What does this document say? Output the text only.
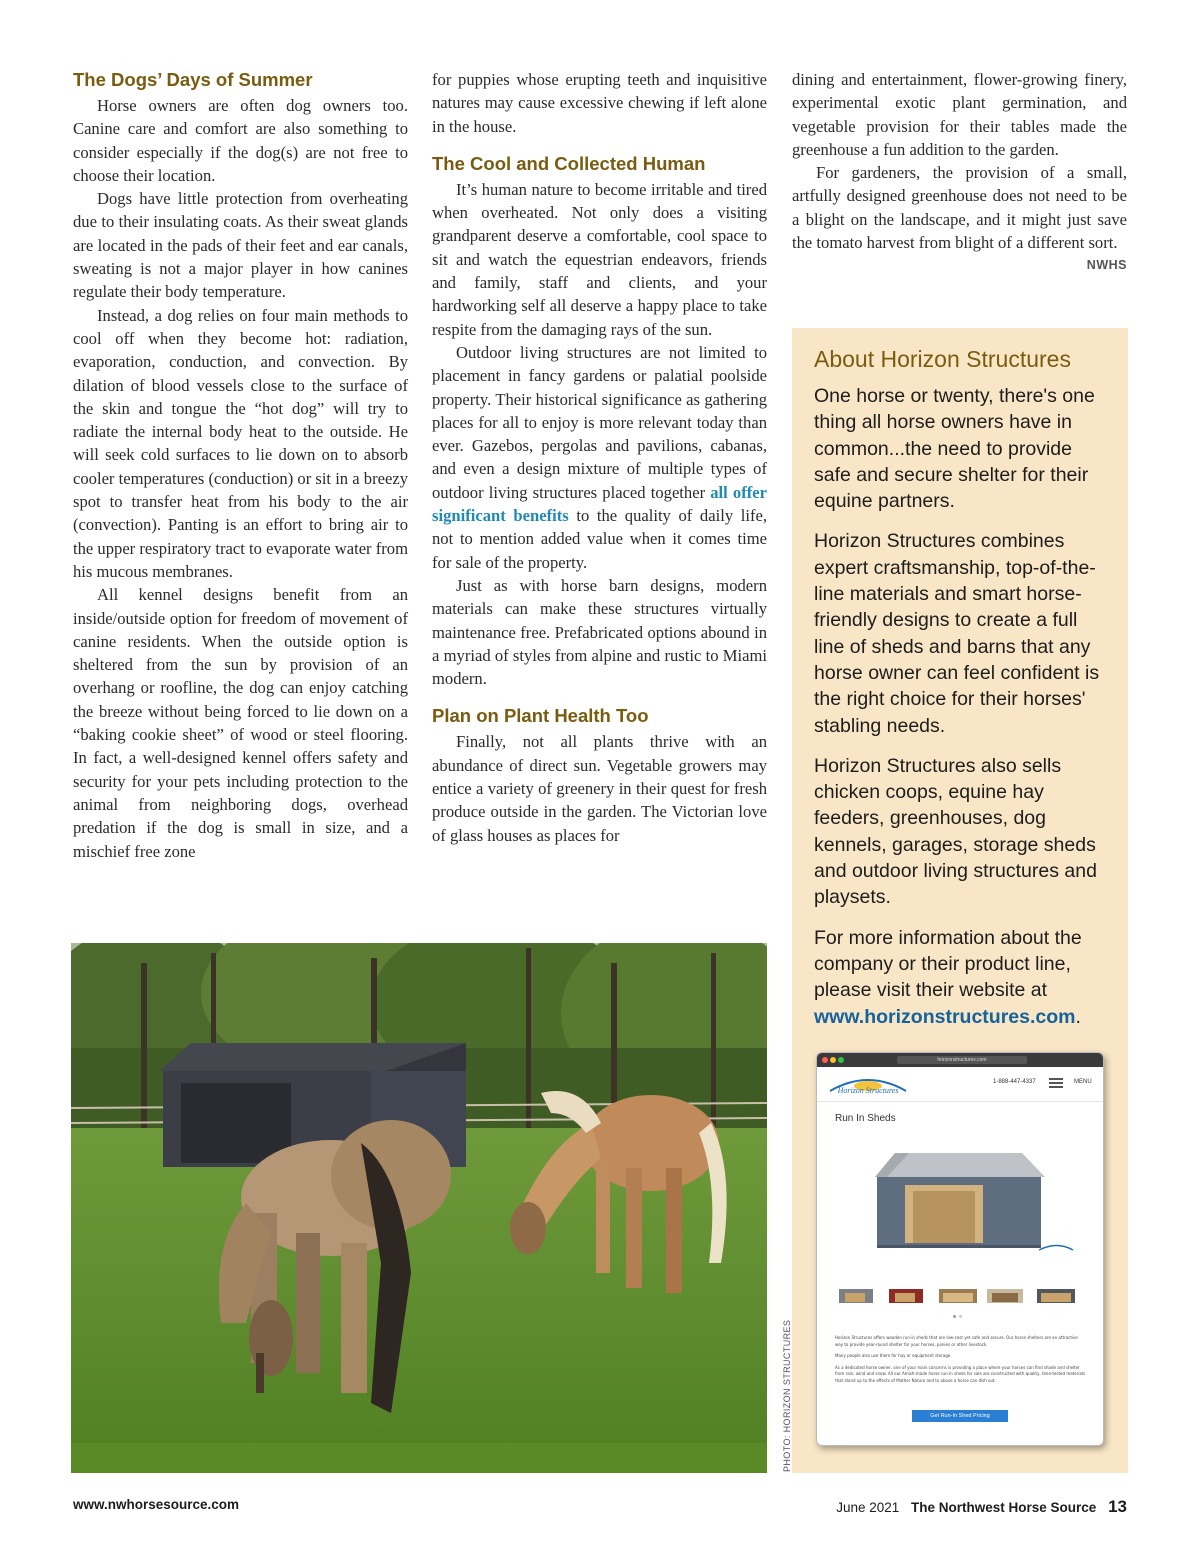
The Dogs’ Days of Summer

Horse owners are often dog owners too. Canine care and comfort are also something to consider especially if the dog(s) are not free to choose their location.

Dogs have little protection from overheating due to their insulating coats. As their sweat glands are located in the pads of their feet and ear canals, sweating is not a major player in how canines regulate their body temperature.

Instead, a dog relies on four main methods to cool off when they become hot: radiation, evaporation, conduction, and convection. By dilation of blood vessels close to the surface of the skin and tongue the “hot dog” will try to radiate the internal body heat to the outside. He will seek cold surfaces to lie down on to absorb cooler temperatures (conduction) or sit in a breezy spot to transfer heat from his body to the air (convection). Panting is an effort to bring air to the upper respiratory tract to evaporate water from his mucous membranes.

All kennel designs benefit from an inside/outside option for freedom of movement of canine residents. When the outside option is sheltered from the sun by provision of an overhang or roofline, the dog can enjoy catching the breeze without being forced to lie down on a “baking cookie sheet” of wood or steel flooring. In fact, a well-designed kennel offers safety and security for your pets including protection to the animal from neighboring dogs, overhead predation if the dog is small in size, and a mischief free zone

for puppies whose erupting teeth and inquisitive natures may cause excessive chewing if left alone in the house.

The Cool and Collected Human

It’s human nature to become irritable and tired when overheated. Not only does a visiting grandparent deserve a comfortable, cool space to sit and watch the equestrian endeavors, friends and family, staff and clients, and your hardworking self all deserve a happy place to take respite from the damaging rays of the sun.

Outdoor living structures are not limited to placement in fancy gardens or palatial poolside property. Their historical significance as gathering places for all to enjoy is more relevant today than ever. Gazebos, pergolas and pavilions, cabanas, and even a design mixture of multiple types of outdoor living structures placed together all offer significant benefits to the quality of daily life, not to mention added value when it comes time for sale of the property.

Just as with horse barn designs, modern materials can make these structures virtually maintenance free. Prefabricated options abound in a myriad of styles from alpine and rustic to Miami modern.

Plan on Plant Health Too

Finally, not all plants thrive with an abundance of direct sun. Vegetable growers may entice a variety of greenery in their quest for fresh produce outside in the garden. The Victorian love of glass houses as places for

dining and entertainment, flower-growing finery, experimental exotic plant germination, and vegetable provision for their tables made the greenhouse a fun addition to the garden.

For gardeners, the provision of a small, artfully designed greenhouse does not need to be a blight on the landscape, and it might just save the tomato harvest from blight of a different sort.
NWHS

About Horizon Structures

One horse or twenty, there's one thing all horse owners have in common...the need to provide safe and secure shelter for their equine partners.

Horizon Structures combines expert craftsmanship, top-of-the-line materials and smart horse-friendly designs to create a full line of sheds and barns that any horse owner can feel confident is the right choice for their horses' stabling needs.

Horizon Structures also sells chicken coops, equine hay feeders, greenhouses, dog kennels, garages, storage sheds and outdoor living structures and playsets.

For more information about the company or their product line, please visit their website at www.horizonstructures.com.

horizonstructures.com
Horizon Structures
1-888-447-4337	MENU
Run In Sheds

Horizon Structures offers wooden run-in sheds that are low-cost yet safe and secure. Our horse shelters are an attractive way to provide year-round shelter for your horses, ponies or other livestock.

Many people also use them for hay or equipment storage.

As a dedicated horse owner, one of your main concerns is providing a place where your horses can find shade and shelter from rain, wind and snow. All our Amish-made horse run-in sheds for sale are constructed with quality, time-tested materials that stand up to the effects of Mother Nature and to abuse a horse can dish out.

Get Run-In Shed Pricing
PHOTO: HORIZON STRUCTURES
www.nwhorsesource.com	June 2021 The Northwest Horse Source 13
